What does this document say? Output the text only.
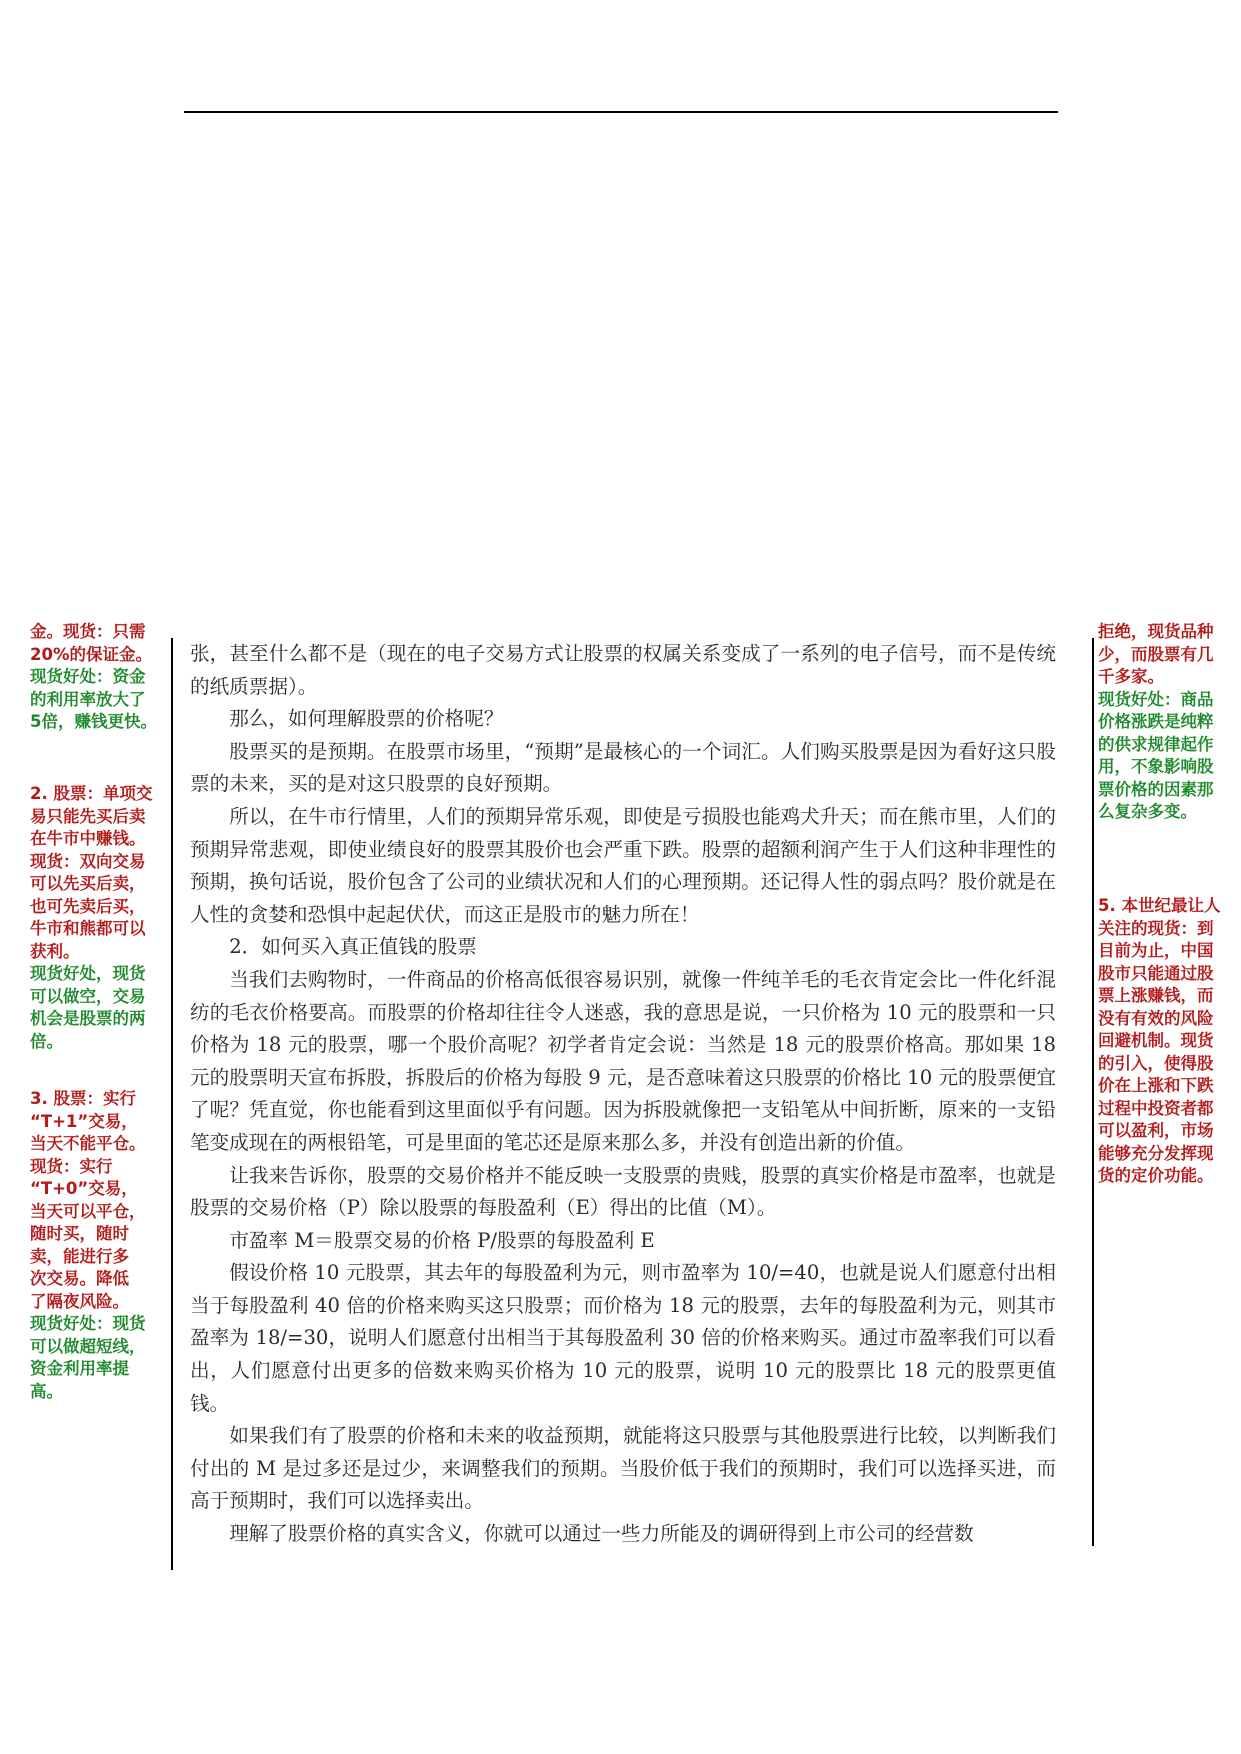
金。现货：只需
20%的保证金。

现货好处：资金
的利用率放大了
5倍，赚钱更快。

2. 股票：单项交
易只能先买后卖
在牛市中赚钱。
现货：双向交易
可以先买后卖，
也可先卖后买，
牛市和熊都可以
获利。

现货好处，现货
可以做空，交易
机会是股票的两
倍。

3. 股票：实行
“T+1”交易，
当天不能平仓。
现货：实行
“T+0”交易，
当天可以平仓，
随时买，随时
卖，能进行多
次交易。降低
了隔夜风险。

现货好处：现货
可以做超短线，
资金利用率提
高。

拒绝，现货品种
少，而股票有几
千多家。

现货好处：商品
价格涨跌是纯粹
的供求规律起作
用，不象影响股
票价格的因素那
么复杂多变。

5. 本世纪最让人
关注的现货：到
目前为止，中国
股市只能通过股
票上涨赚钱，而
没有有效的风险
回避机制。现货
的引入，使得股
价在上涨和下跌
过程中投资者都
可以盈利，市场
能够充分发挥现
货的定价功能。

张，甚至什么都不是（现在的电子交易方式让股票的权属关系变成了一系列的电子信号，而不是传统的纸质票据）。

那么，如何理解股票的价格呢？

股票买的是预期。在股票市场里，“预期”是最核心的一个词汇。人们购买股票是因为看好这只股票的未来，买的是对这只股票的良好预期。

所以，在牛市行情里，人们的预期异常乐观，即使是亏损股也能鸡犬升天；而在熊市里，人们的预期异常悲观，即使业绩良好的股票其股价也会严重下跌。股票的超额利润产生于人们这种非理性的预期，换句话说，股价包含了公司的业绩状况和人们的心理预期。还记得人性的弱点吗？股价就是在人性的贪婪和恐惧中起起伏伏，而这正是股市的魅力所在！

2．如何买入真正值钱的股票

当我们去购物时，一件商品的价格高低很容易识别，就像一件纯羊毛的毛衣肯定会比一件化纤混纺的毛衣价格要高。而股票的价格却往往令人迷惑，我的意思是说，一只价格为 10 元的股票和一只价格为 18 元的股票，哪一个股价高呢？初学者肯定会说：当然是 18 元的股票价格高。那如果 18 元的股票明天宣布拆股，拆股后的价格为每股 9 元，是否意味着这只股票的价格比 10 元的股票便宜了呢？凭直觉，你也能看到这里面似乎有问题。因为拆股就像把一支铅笔从中间折断，原来的一支铅笔变成现在的两根铅笔，可是里面的笔芯还是原来那么多，并没有创造出新的价值。

让我来告诉你，股票的交易价格并不能反映一支股票的贵贱，股票的真实价格是市盈率，也就是股票的交易价格（P）除以股票的每股盈利（E）得出的比值（M）。

市盈率 M＝股票交易的价格 P/股票的每股盈利 E

假设价格 10 元股票，其去年的每股盈利为元，则市盈率为 10/=40，也就是说人们愿意付出相当于每股盈利 40 倍的价格来购买这只股票；而价格为 18 元的股票，去年的每股盈利为元，则其市盈率为 18/=30，说明人们愿意付出相当于其每股盈利 30 倍的价格来购买。通过市盈率我们可以看出，人们愿意付出更多的倍数来购买价格为 10 元的股票，说明 10 元的股票比 18 元的股票更值钱。

如果我们有了股票的价格和未来的收益预期，就能将这只股票与其他股票进行比较，以判断我们付出的 M 是过多还是过少，来调整我们的预期。当股价低于我们的预期时，我们可以选择买进，而高于预期时，我们可以选择卖出。

理解了股票价格的真实含义，你就可以通过一些力所能及的调研得到上市公司的经营数
